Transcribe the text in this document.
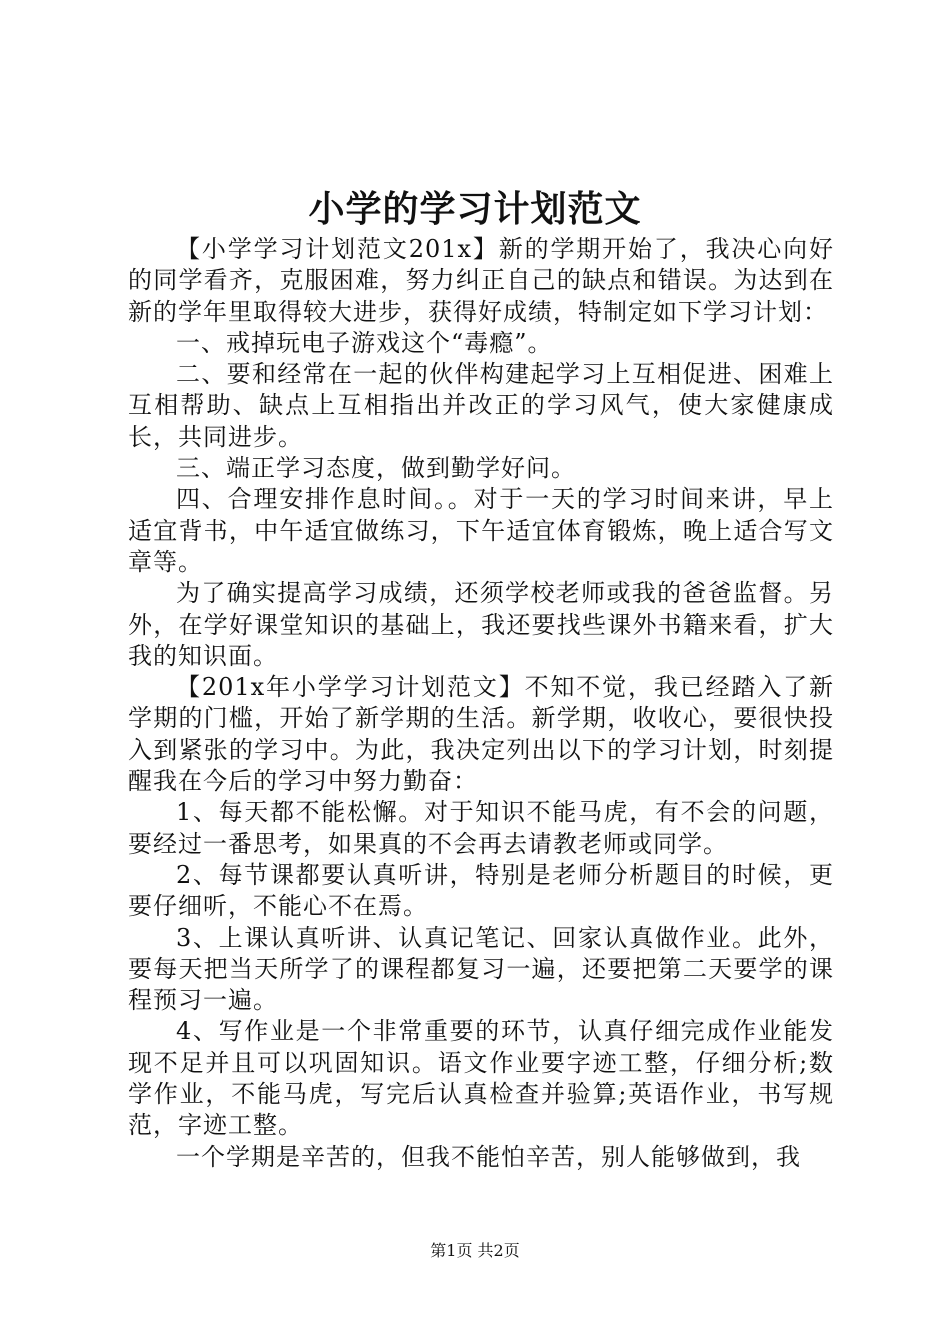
小学的学习计划范文

【小学学习计划范文201x】新的学期开始了，我决心向好的同学看齐，克服困难，努力纠正自己的缺点和错误。为达到在新的学年里取得较大进步，获得好成绩，特制定如下学习计划：

一、戒掉玩电子游戏这个“毒瘾”。

二、要和经常在一起的伙伴构建起学习上互相促进、困难上互相帮助、缺点上互相指出并改正的学习风气，使大家健康成长，共同进步。

三、端正学习态度，做到勤学好问。

四、合理安排作息时间。。对于一天的学习时间来讲，早上适宜背书，中午适宜做练习，下午适宜体育锻炼，晚上适合写文章等。

为了确实提高学习成绩，还须学校老师或我的爸爸监督。另外，在学好课堂知识的基础上，我还要找些课外书籍来看，扩大我的知识面。

【201x年小学学习计划范文】不知不觉，我已经踏入了新学期的门槛，开始了新学期的生活。新学期，收收心，要很快投入到紧张的学习中。为此，我决定列出以下的学习计划，时刻提醒我在今后的学习中努力勤奋：

1、每天都不能松懈。对于知识不能马虎，有不会的问题，要经过一番思考，如果真的不会再去请教老师或同学。

2、每节课都要认真听讲，特别是老师分析题目的时候，更要仔细听，不能心不在焉。

3、上课认真听讲、认真记笔记、回家认真做作业。此外，要每天把当天所学了的课程都复习一遍，还要把第二天要学的课程预习一遍。

4、写作业是一个非常重要的环节，认真仔细完成作业能发现不足并且可以巩固知识。语文作业要字迹工整，仔细分析;数学作业，不能马虎，写完后认真检查并验算;英语作业，书写规范，字迹工整。

一个学期是辛苦的，但我不能怕辛苦，别人能够做到，我

第1页 共2页
